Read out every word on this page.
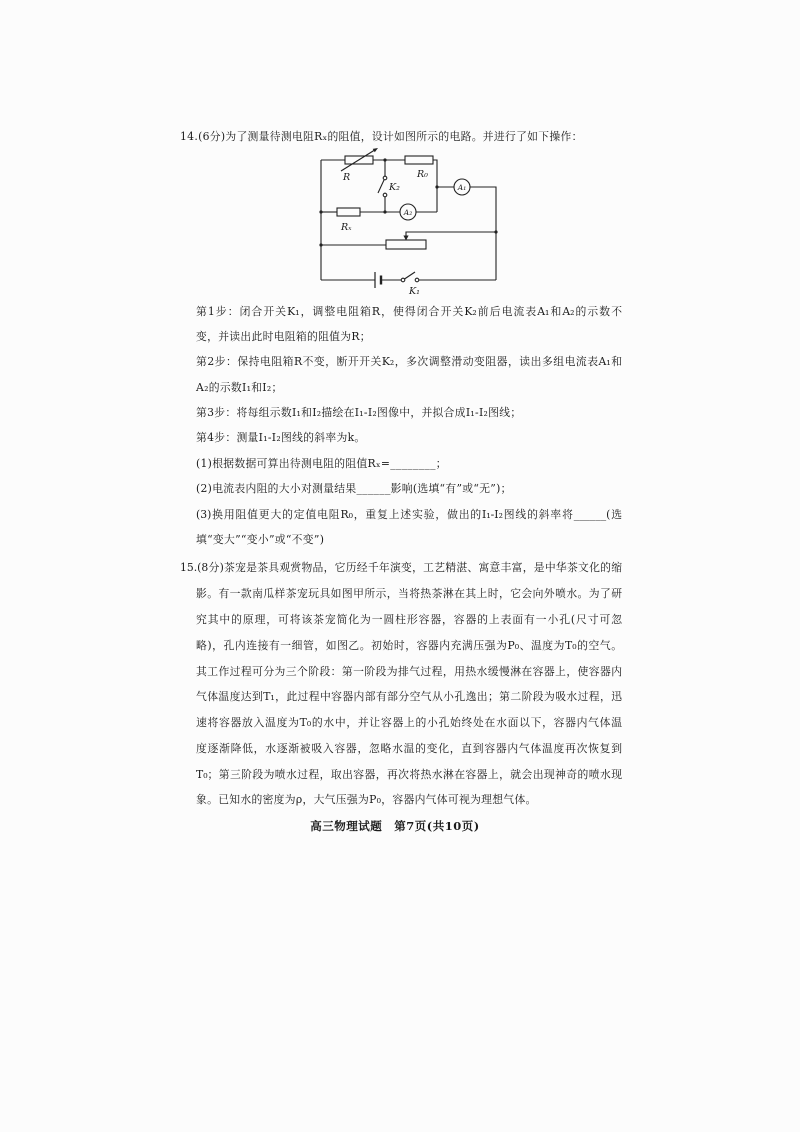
14.(6分)为了测量待测电阻Rₓ的阻值，设计如图所示的电路。并进行了如下操作：
R	R₀
K₂	A₁
A₂
Rₓ
K₁
第1步：闭合开关K₁，调整电阻箱R，使得闭合开关K₂前后电流表A₁和A₂的示数不
变，并读出此时电阻箱的阻值为R；
第2步：保持电阻箱R不变，断开开关K₂，多次调整滑动变阻器，读出多组电流表A₁和
A₂的示数I₁和I₂；
第3步：将每组示数I₁和I₂描绘在I₁-I₂图像中，并拟合成I₁-I₂图线；
第4步：测量I₁-I₂图线的斜率为k。
(1)根据数据可算出待测电阻的阻值Rₓ=________；
(2)电流表内阻的大小对测量结果______影响(选填“有”或“无”)；
(3)换用阻值更大的定值电阻R₀，重复上述实验，做出的I₁-I₂图线的斜率将______(选
填“变大”“变小”或“不变”)
15.(8分)茶宠是茶具观赏物品，它历经千年演变，工艺精湛、寓意丰富，是中华茶文化的缩
影。有一款南瓜样茶宠玩具如图甲所示，当将热茶淋在其上时，它会向外喷水。为了研
究其中的原理，可将该茶宠简化为一圆柱形容器，容器的上表面有一小孔(尺寸可忽
略)，孔内连接有一细管，如图乙。初始时，容器内充满压强为P₀、温度为T₀的空气。
其工作过程可分为三个阶段：第一阶段为排气过程，用热水缓慢淋在容器上，使容器内
气体温度达到T₁，此过程中容器内部有部分空气从小孔逸出；第二阶段为吸水过程，迅
速将容器放入温度为T₀的水中，并让容器上的小孔始终处在水面以下，容器内气体温
度逐渐降低，水逐渐被吸入容器，忽略水温的变化，直到容器内气体温度再次恢复到
T₀；第三阶段为喷水过程，取出容器，再次将热水淋在容器上，就会出现神奇的喷水现
象。已知水的密度为ρ，大气压强为P₀，容器内气体可视为理想气体。
高三物理试题　第7页(共10页)
